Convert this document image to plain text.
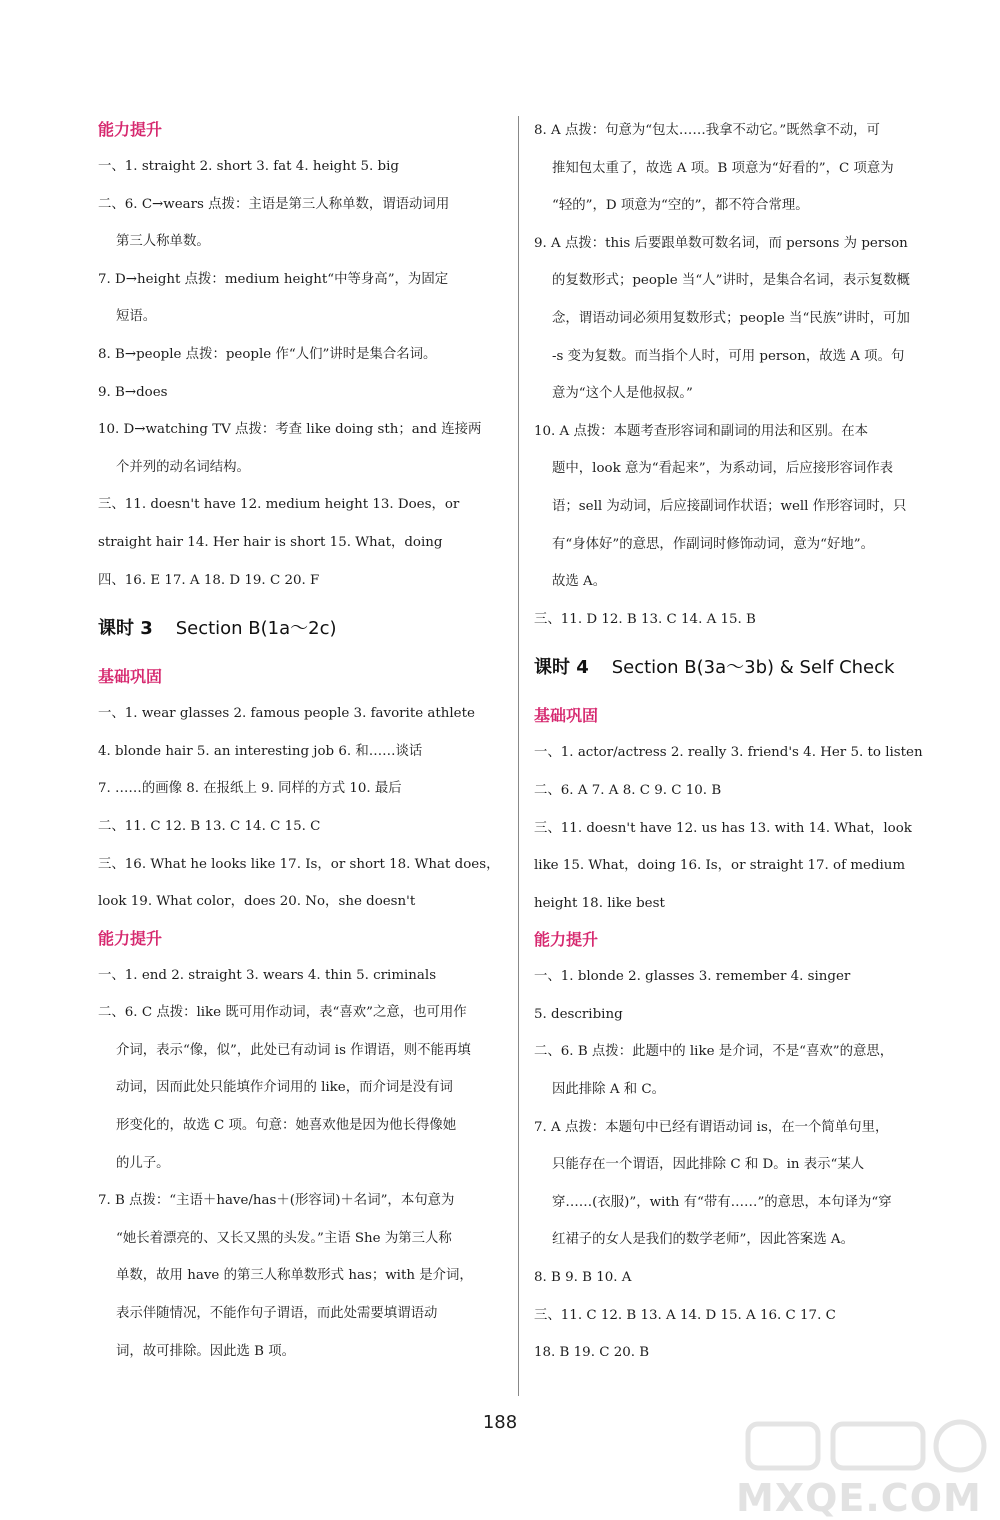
能力提升
一、1. straight 2. short 3. fat 4. height 5. big
二、6. C→wears 点拨：主语是第三人称单数，谓语动词用
第三人称单数。
7. D→height 点拨：medium height“中等身高”，为固定
短语。
8. B→people 点拨：people 作“人们”讲时是集合名词。
9. B→does
10. D→watching TV 点拨：考查 like doing sth；and 连接两
个并列的动名词结构。
三、11. doesn't have 12. medium height 13. Does，or
straight hair 14. Her hair is short 15. What，doing
四、16. E 17. A 18. D 19. C 20. F
课时 3 Section B(1a～2c)
基础巩固
一、1. wear glasses 2. famous people 3. favorite athlete
4. blonde hair 5. an interesting job 6. 和……谈话
7. ……的画像 8. 在报纸上 9. 同样的方式 10. 最后
二、11. C 12. B 13. C 14. C 15. C
三、16. What he looks like 17. Is，or short 18. What does，
look 19. What color，does 20. No，she doesn't
能力提升
一、1. end 2. straight 3. wears 4. thin 5. criminals
二、6. C 点拨：like 既可用作动词，表“喜欢”之意，也可用作
介词，表示“像，似”，此处已有动词 is 作谓语，则不能再填
动词，因而此处只能填作介词用的 like，而介词是没有词
形变化的，故选 C 项。句意：她喜欢他是因为他长得像她
的儿子。
7. B 点拨：“主语＋have/has＋(形容词)＋名词”，本句意为
“她长着漂亮的、又长又黑的头发。”主语 She 为第三人称
单数，故用 have 的第三人称单数形式 has；with 是介词，
表示伴随情况，不能作句子谓语，而此处需要填谓语动
词，故可排除。因此选 B 项。
8. A 点拨：句意为“包太……我拿不动它。”既然拿不动，可
推知包太重了，故选 A 项。B 项意为“好看的”，C 项意为
“轻的”，D 项意为“空的”，都不符合常理。
9. A 点拨：this 后要跟单数可数名词，而 persons 为 person
的复数形式；people 当“人”讲时，是集合名词，表示复数概
念，谓语动词必须用复数形式；people 当“民族”讲时，可加
-s 变为复数。而当指个人时，可用 person，故选 A 项。句
意为“这个人是他叔叔。”
10. A 点拨：本题考查形容词和副词的用法和区别。在本
题中，look 意为“看起来”，为系动词，后应接形容词作表
语；sell 为动词，后应接副词作状语；well 作形容词时，只
有“身体好”的意思，作副词时修饰动词，意为“好地”。
故选 A。
三、11. D 12. B 13. C 14. A 15. B
课时 4 Section B(3a～3b) & Self Check
基础巩固
一、1. actor/actress 2. really 3. friend's 4. Her 5. to listen
二、6. A 7. A 8. C 9. C 10. B
三、11. doesn't have 12. us has 13. with 14. What，look
like 15. What，doing 16. Is，or straight 17. of medium
height 18. like best
能力提升
一、1. blonde 2. glasses 3. remember 4. singer
5. describing
二、6. B 点拨：此题中的 like 是介词，不是“喜欢”的意思，
因此排除 A 和 C。
7. A 点拨：本题句中已经有谓语动词 is，在一个简单句里，
只能存在一个谓语，因此排除 C 和 D。in 表示“某人
穿……(衣服)”，with 有“带有……”的意思，本句译为“穿
红裙子的女人是我们的数学老师”，因此答案选 A。
8. B 9. B 10. A
三、11. C 12. B 13. A 14. D 15. A 16. C 17. C
18. B 19. C 20. B
188
MXQE.COM
